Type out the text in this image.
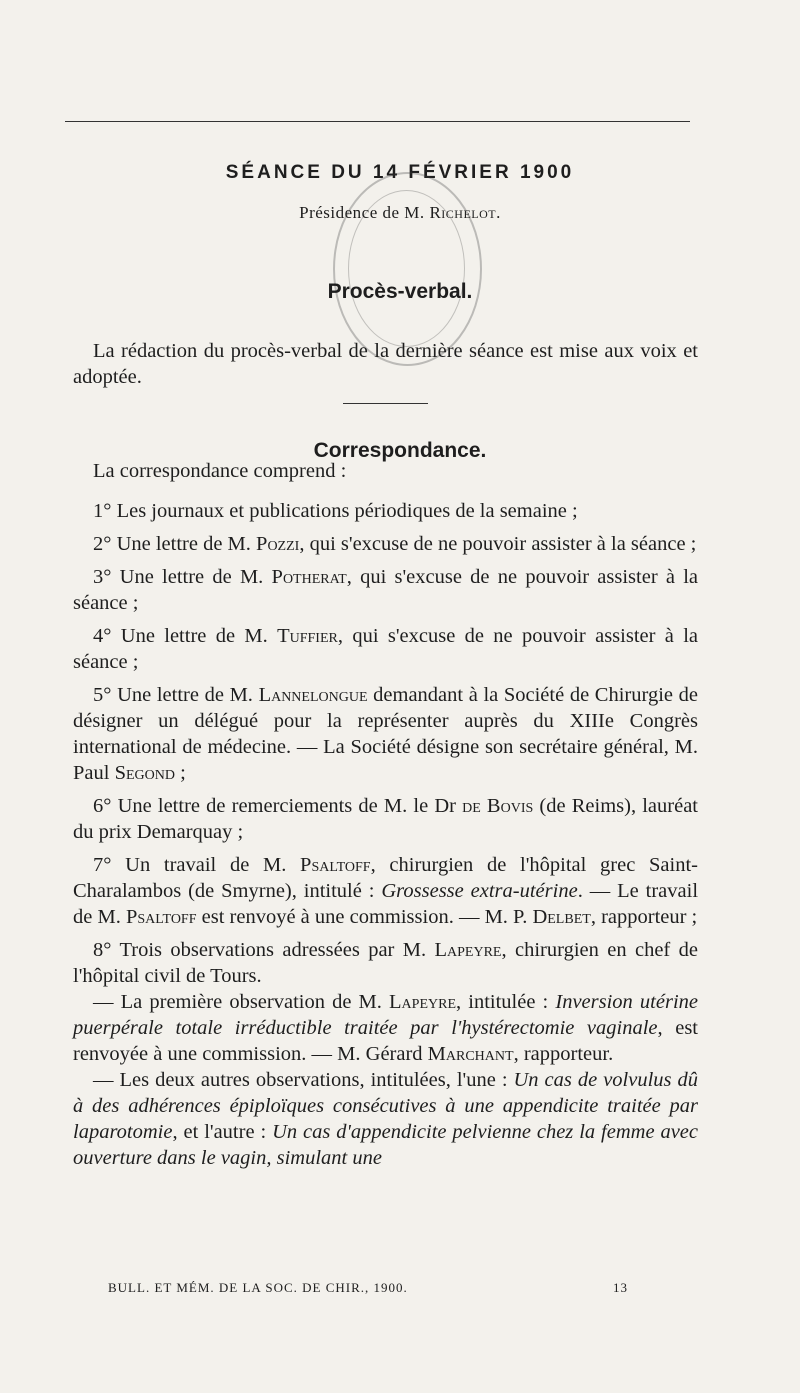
SÉANCE DU 14 FÉVRIER 1900
Présidence de M. Richelot.
Procès-verbal.
Correspondance.

La rédaction du procès-verbal de la dernière séance est mise aux voix et adoptée.

La correspondance comprend :

1° Les journaux et publications périodiques de la semaine ;

2° Une lettre de M. Pozzi, qui s'excuse de ne pouvoir assister à la séance ;

3° Une lettre de M. Potherat, qui s'excuse de ne pouvoir assister à la séance ;

4° Une lettre de M. Tuffier, qui s'excuse de ne pouvoir assister à la séance ;

5° Une lettre de M. Lannelongue demandant à la Société de Chirurgie de désigner un délégué pour la représenter auprès du XIIIe Congrès international de médecine. — La Société désigne son secrétaire général, M. Paul Segond ;

6° Une lettre de remerciements de M. le Dr de Bovis (de Reims), lauréat du prix Demarquay ;

7° Un travail de M. Psaltoff, chirurgien de l'hôpital grec Saint-Charalambos (de Smyrne), intitulé : Grossesse extra-utérine. — Le travail de M. Psaltoff est renvoyé à une commission. — M. P. Delbet, rapporteur ;

8° Trois observations adressées par M. Lapeyre, chirurgien en chef de l'hôpital civil de Tours.

— La première observation de M. Lapeyre, intitulée : Inversion utérine puerpérale totale irréductible traitée par l'hystérectomie vaginale, est renvoyée à une commission. — M. Gérard Marchant, rapporteur.

— Les deux autres observations, intitulées, l'une : Un cas de volvulus dû à des adhérences épiploïques consécutives à une appendicite traitée par laparotomie, et l'autre : Un cas d'appendicite pelvienne chez la femme avec ouverture dans le vagin, simulant une

BULL. ET MÉM. DE LA SOC. DE CHIR., 1900.	13
